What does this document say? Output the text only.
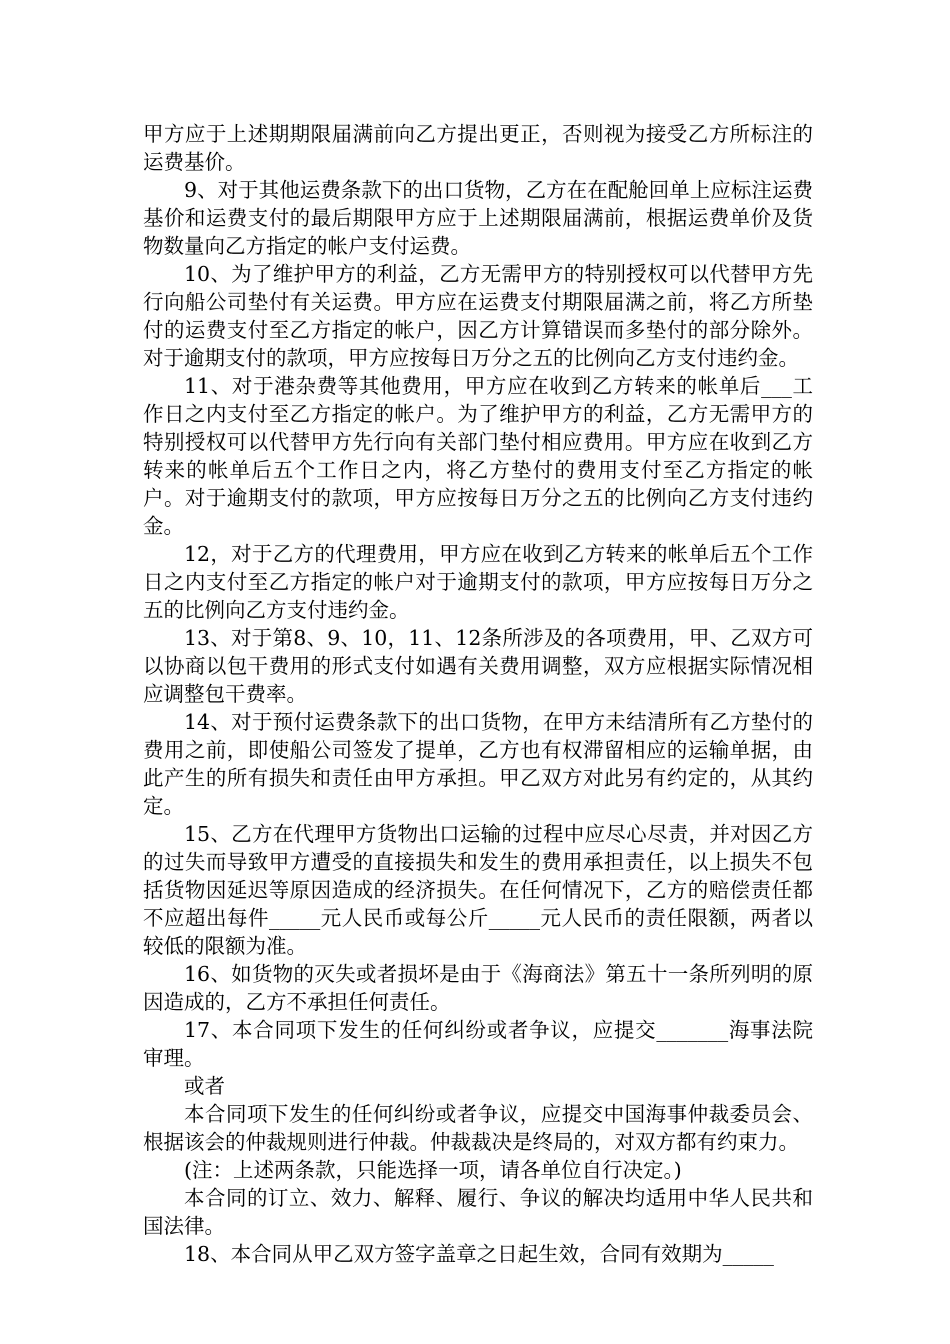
甲方应于上述期期限届满前向乙方提出更正，否则视为接受乙方所标注的运费基价。

9、对于其他运费条款下的出口货物，乙方在在配舱回单上应标注运费基价和运费支付的最后期限甲方应于上述期限届满前，根据运费单价及货物数量向乙方指定的帐户支付运费。

10、为了维护甲方的利益，乙方无需甲方的特别授权可以代替甲方先行向船公司垫付有关运费。甲方应在运费支付期限届满之前，将乙方所垫付的运费支付至乙方指定的帐户，因乙方计算错误而多垫付的部分除外。对于逾期支付的款项，甲方应按每日万分之五的比例向乙方支付违约金。

11、对于港杂费等其他费用，甲方应在收到乙方转来的帐单后___工作日之内支付至乙方指定的帐户。为了维护甲方的利益，乙方无需甲方的特别授权可以代替甲方先行向有关部门垫付相应费用。甲方应在收到乙方转来的帐单后五个工作日之内，将乙方垫付的费用支付至乙方指定的帐户。对于逾期支付的款项，甲方应按每日万分之五的比例向乙方支付违约金。

12，对于乙方的代理费用，甲方应在收到乙方转来的帐单后五个工作日之内支付至乙方指定的帐户对于逾期支付的款项，甲方应按每日万分之五的比例向乙方支付违约金。

13、对于第8、9、10，11、12条所涉及的各项费用，甲、乙双方可以协商以包干费用的形式支付如遇有关费用调整，双方应根据实际情况相应调整包干费率。

14、对于预付运费条款下的出口货物，在甲方未结清所有乙方垫付的费用之前，即使船公司签发了提单，乙方也有权滞留相应的运输单据，由此产生的所有损失和责任由甲方承担。甲乙双方对此另有约定的，从其约定。

15、乙方在代理甲方货物出口运输的过程中应尽心尽责，并对因乙方的过失而导致甲方遭受的直接损失和发生的费用承担责任，以上损失不包括货物因延迟等原因造成的经济损失。在任何情况下，乙方的赔偿责任都不应超出每件_____元人民币或每公斤_____元人民币的责任限额，两者以较低的限额为准。

16、如货物的灭失或者损坏是由于《海商法》第五十一条所列明的原因造成的，乙方不承担任何责任。

17、本合同项下发生的任何纠纷或者争议，应提交_______海事法院审理。

或者

本合同项下发生的任何纠纷或者争议，应提交中国海事仲裁委员会、根据该会的仲裁规则进行仲裁。仲裁裁决是终局的，对双方都有约束力。

(注：上述两条款，只能选择一项，请各单位自行决定。)

本合同的订立、效力、解释、履行、争议的解决均适用中华人民共和国法律。

18、本合同从甲乙双方签字盖章之日起生效，合同有效期为_____
